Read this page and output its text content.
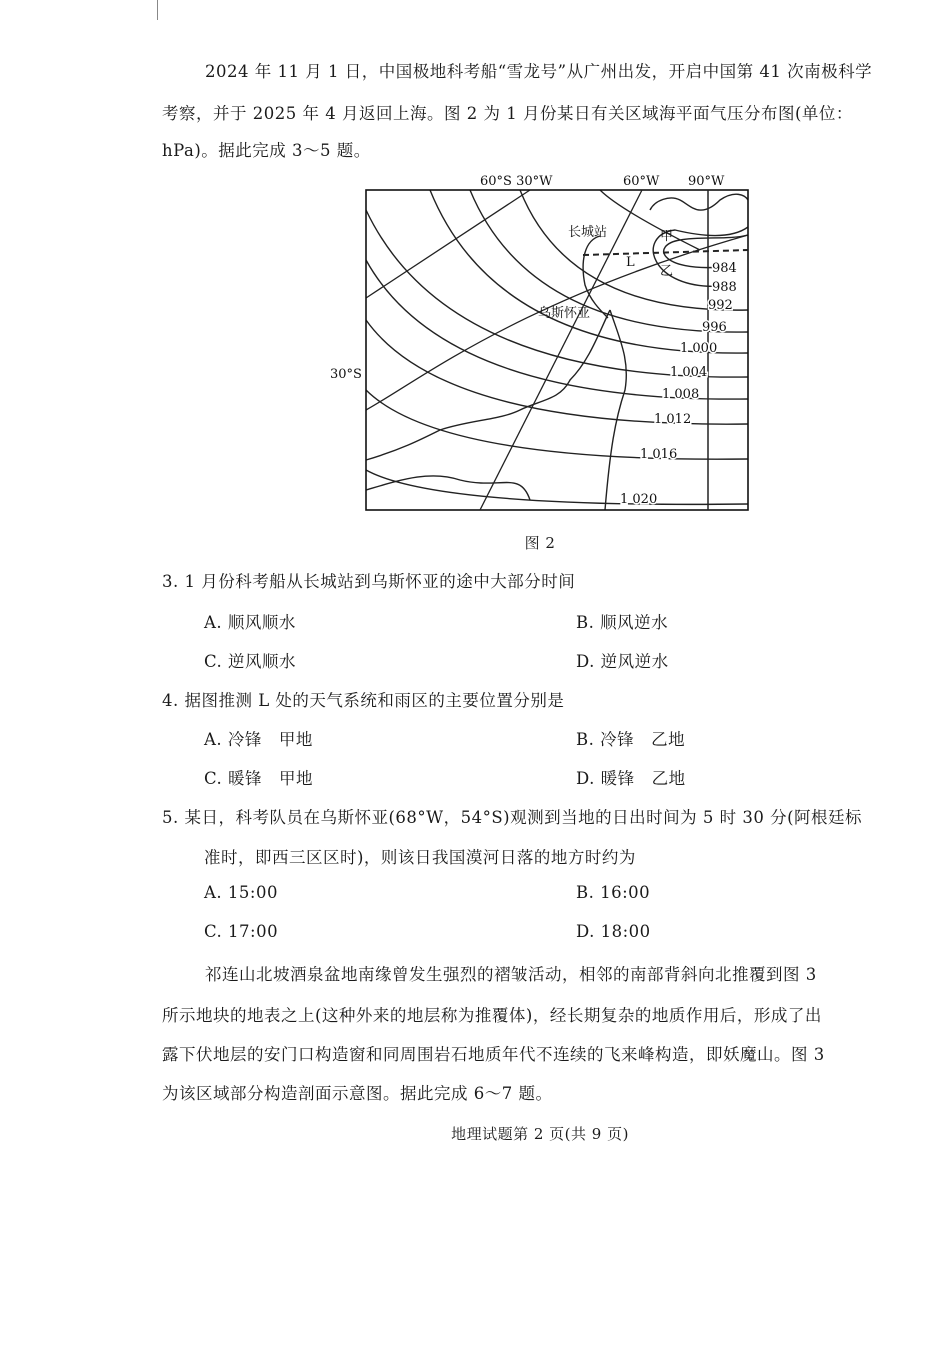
2024 年 11 月 1 日，中国极地科考船“雪龙号”从广州出发，开启中国第 41 次南极科学
考察，并于 2025 年 4 月返回上海。图 2 为 1 月份某日有关区域海平面气压分布图(单位：
hPa)。据此完成 3～5 题。
60°S 30°W	60°W 90°W
30°S
长城站
乌斯怀亚
甲
乙
L	984
988
992
996
1 000
1 004
1 008
1 012
1 016
1 020
图 2
3. 1 月份科考船从长城站到乌斯怀亚的途中大部分时间
A. 顺风顺水	B. 顺风逆水
C. 逆风顺水	D. 逆风逆水
4. 据图推测 L 处的天气系统和雨区的主要位置分别是
A. 冷锋　甲地	B. 冷锋　乙地
C. 暖锋　甲地	D. 暖锋　乙地
5. 某日，科考队员在乌斯怀亚(68°W，54°S)观测到当地的日出时间为 5 时 30 分(阿根廷标
准时，即西三区区时)，则该日我国漠河日落的地方时约为
A. 15:00	B. 16:00
C. 17:00	D. 18:00
祁连山北坡酒泉盆地南缘曾发生强烈的褶皱活动，相邻的南部背斜向北推覆到图 3
所示地块的地表之上(这种外来的地层称为推覆体)，经长期复杂的地质作用后，形成了出
露下伏地层的安门口构造窗和同周围岩石地质年代不连续的飞来峰构造，即妖魔山。图 3
为该区域部分构造剖面示意图。据此完成 6～7 题。
地理试题第 2 页(共 9 页)
